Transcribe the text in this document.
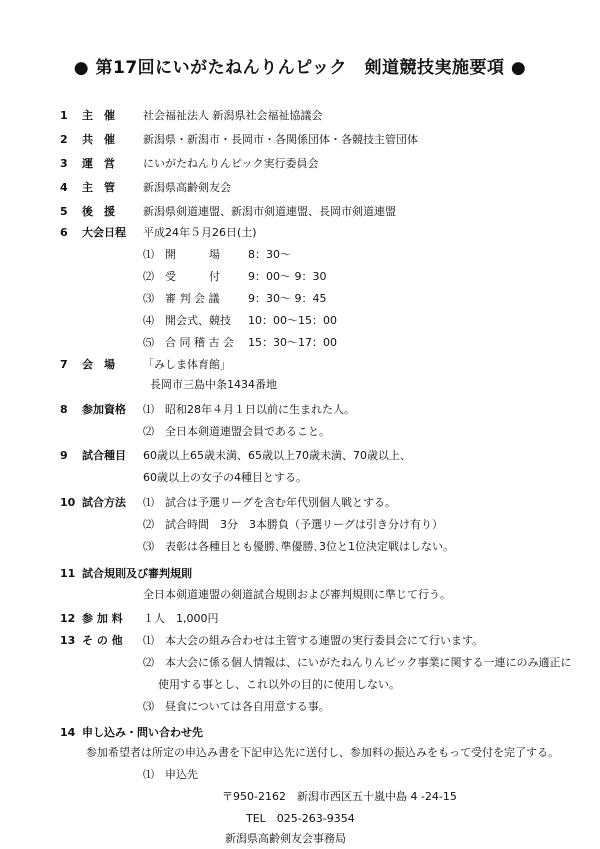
● 第17回にいがたねんりんピック　剣道競技実施要項 ●
1 主　催	社会福祉法人 新潟県社会福祉協議会
2 共　催	新潟県・新潟市・長岡市・各関係団体・各競技主管団体
3 運　営	にいがたねんりんピック実行委員会
4 主　管	新潟県高齢剣友会
5 後　援	新潟県剣道連盟、新潟市剣道連盟、長岡市剣道連盟
6 大会日程 平成24年５月26日(土)
⑴　開　　　場	8：30～
⑵　受　　　付	9：00～ 9：30
⑶　審 判 会 議	9：30～ 9：45
⑷　開会式、競技 10：00～15：00
⑸　合 同 稽 古 会 15：30～17：00
7 会　場	「みしま体育館」
長岡市三島中条1434番地
8 参加資格 ⑴　昭和28年４月１日以前に生まれた人。
⑵　全日本剣道連盟会員であること。
9 試合種目 60歳以上65歳未満、65歳以上70歳未満、70歳以上、
60歳以上の女子の4種目とする。
10 試合方法 ⑴　試合は予選リーグを含む年代別個人戦とする。
⑵　試合時間　3分　3本勝負（予選リーグは引き分け有り）
⑶　表彰は各種目とも優勝､準優勝､3位と1位決定戦はしない。
11 試合規則及び審判規則
全日本剣道連盟の剣道試合規則および審判規則に準じて行う。
12 参 加 料 １人　1,000円
13 そ の 他 ⑴　本大会の組み合わせは主管する連盟の実行委員会にて行います。
⑵　本大会に係る個人情報は、にいがたねんりんピック事業に関する一連にのみ適正に
使用する事とし、これ以外の目的に使用しない。
⑶　昼食については各自用意する事。
14 申し込み・問い合わせ先
参加希望者は所定の申込み書を下記申込先に送付し、参加料の振込みをもって受付を完了する。
⑴　申込先
〒950-2162　新潟市西区五十嵐中島 4 -24-15
TEL　025-263-9354
新潟県高齢剣友会事務局
